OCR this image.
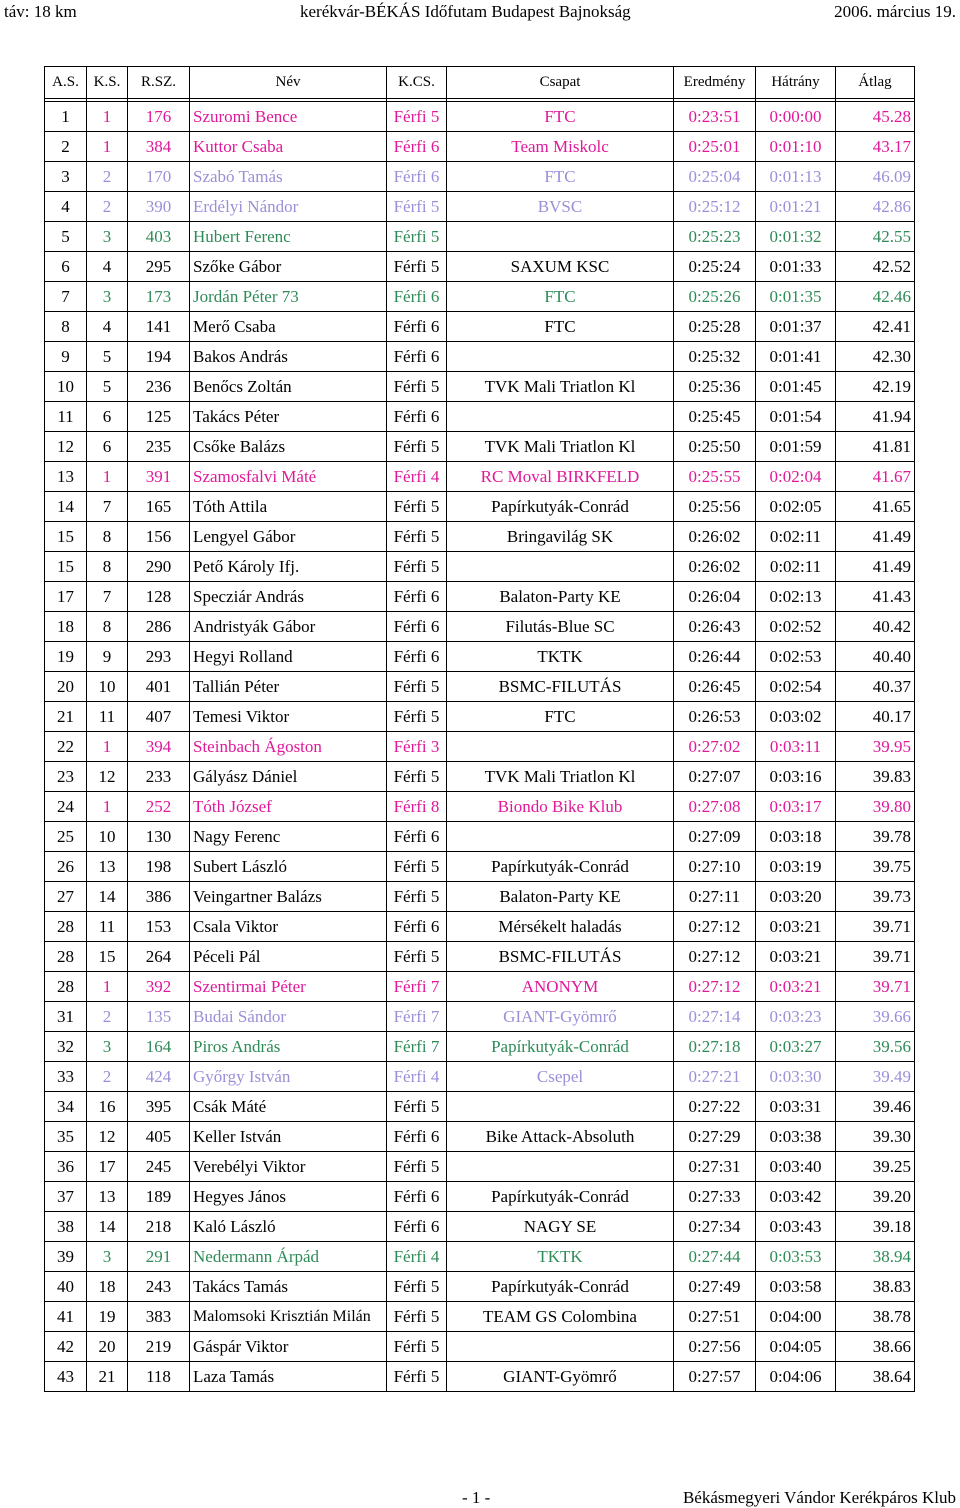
táv: 18 km	kerékvár-BÉKÁS Időfutam Budapest Bajnokság	2006. március 19.
A.S.	K.S.	R.SZ.	Név	K.CS.	Csapat	Eredmény	Hátrány	Átlag

1	1	176	Szuromi Bence	Férfi 5	FTC	0:23:51	0:00:00	45.28
2	1	384	Kuttor Csaba	Férfi 6	Team Miskolc	0:25:01	0:01:10	43.17
3	2	170	Szabó Tamás	Férfi 6	FTC	0:25:04	0:01:13	46.09
4	2	390	Erdélyi Nándor	Férfi 5	BVSC	0:25:12	0:01:21	42.86
5	3	403	Hubert Ferenc	Férfi 5		0:25:23	0:01:32	42.55
6	4	295	Szőke Gábor	Férfi 5	SAXUM KSC	0:25:24	0:01:33	42.52
7	3	173	Jordán Péter 73	Férfi 6	FTC	0:25:26	0:01:35	42.46
8	4	141	Merő Csaba	Férfi 6	FTC	0:25:28	0:01:37	42.41
9	5	194	Bakos András	Férfi 6		0:25:32	0:01:41	42.30
10	5	236	Benőcs Zoltán	Férfi 5	TVK Mali Triatlon Kl	0:25:36	0:01:45	42.19
11	6	125	Takács Péter	Férfi 6		0:25:45	0:01:54	41.94
12	6	235	Csőke Balázs	Férfi 5	TVK Mali Triatlon Kl	0:25:50	0:01:59	41.81
13	1	391	Szamosfalvi Máté	Férfi 4	RC Moval BIRKFELD	0:25:55	0:02:04	41.67
14	7	165	Tóth Attila	Férfi 5	Papírkutyák-Conrád	0:25:56	0:02:05	41.65
15	8	156	Lengyel Gábor	Férfi 5	Bringavilág SK	0:26:02	0:02:11	41.49
15	8	290	Pető Károly Ifj.	Férfi 5		0:26:02	0:02:11	41.49
17	7	128	Specziár András	Férfi 6	Balaton-Party KE	0:26:04	0:02:13	41.43
18	8	286	Andristyák Gábor	Férfi 6	Filutás-Blue SC	0:26:43	0:02:52	40.42
19	9	293	Hegyi Rolland	Férfi 6	TKTK	0:26:44	0:02:53	40.40
20	10	401	Tallián Péter	Férfi 5	BSMC-FILUTÁS	0:26:45	0:02:54	40.37
21	11	407	Temesi Viktor	Férfi 5	FTC	0:26:53	0:03:02	40.17
22	1	394	Steinbach Ágoston	Férfi 3		0:27:02	0:03:11	39.95
23	12	233	Gályász Dániel	Férfi 5	TVK Mali Triatlon Kl	0:27:07	0:03:16	39.83
24	1	252	Tóth József	Férfi 8	Biondo Bike Klub	0:27:08	0:03:17	39.80
25	10	130	Nagy Ferenc	Férfi 6		0:27:09	0:03:18	39.78
26	13	198	Subert László	Férfi 5	Papírkutyák-Conrád	0:27:10	0:03:19	39.75
27	14	386	Veingartner Balázs	Férfi 5	Balaton-Party KE	0:27:11	0:03:20	39.73
28	11	153	Csala Viktor	Férfi 6	Mérsékelt haladás	0:27:12	0:03:21	39.71
28	15	264	Péceli Pál	Férfi 5	BSMC-FILUTÁS	0:27:12	0:03:21	39.71
28	1	392	Szentirmai Péter	Férfi 7	ANONYM	0:27:12	0:03:21	39.71
31	2	135	Budai Sándor	Férfi 7	GIANT-Gyömrő	0:27:14	0:03:23	39.66
32	3	164	Piros András	Férfi 7	Papírkutyák-Conrád	0:27:18	0:03:27	39.56
33	2	424	Győrgy István	Férfi 4	Csepel	0:27:21	0:03:30	39.49
34	16	395	Csák Máté	Férfi 5		0:27:22	0:03:31	39.46
35	12	405	Keller István	Férfi 6	Bike Attack-Absoluth	0:27:29	0:03:38	39.30
36	17	245	Verebélyi Viktor	Férfi 5		0:27:31	0:03:40	39.25
37	13	189	Hegyes János	Férfi 6	Papírkutyák-Conrád	0:27:33	0:03:42	39.20
38	14	218	Kaló László	Férfi 6	NAGY SE	0:27:34	0:03:43	39.18
39	3	291	Nedermann Árpád	Férfi 4	TKTK	0:27:44	0:03:53	38.94
40	18	243	Takács Tamás	Férfi 5	Papírkutyák-Conrád	0:27:49	0:03:58	38.83
41	19	383	Malomsoki Krisztián Milán	Férfi 5	TEAM GS Colombina	0:27:51	0:04:00	38.78
42	20	219	Gáspár Viktor	Férfi 5		0:27:56	0:04:05	38.66
43	21	118	Laza Tamás	Férfi 5	GIANT-Gyömrő	0:27:57	0:04:06	38.64
- 1 -	Békásmegyeri Vándor Kerékpáros Klub
